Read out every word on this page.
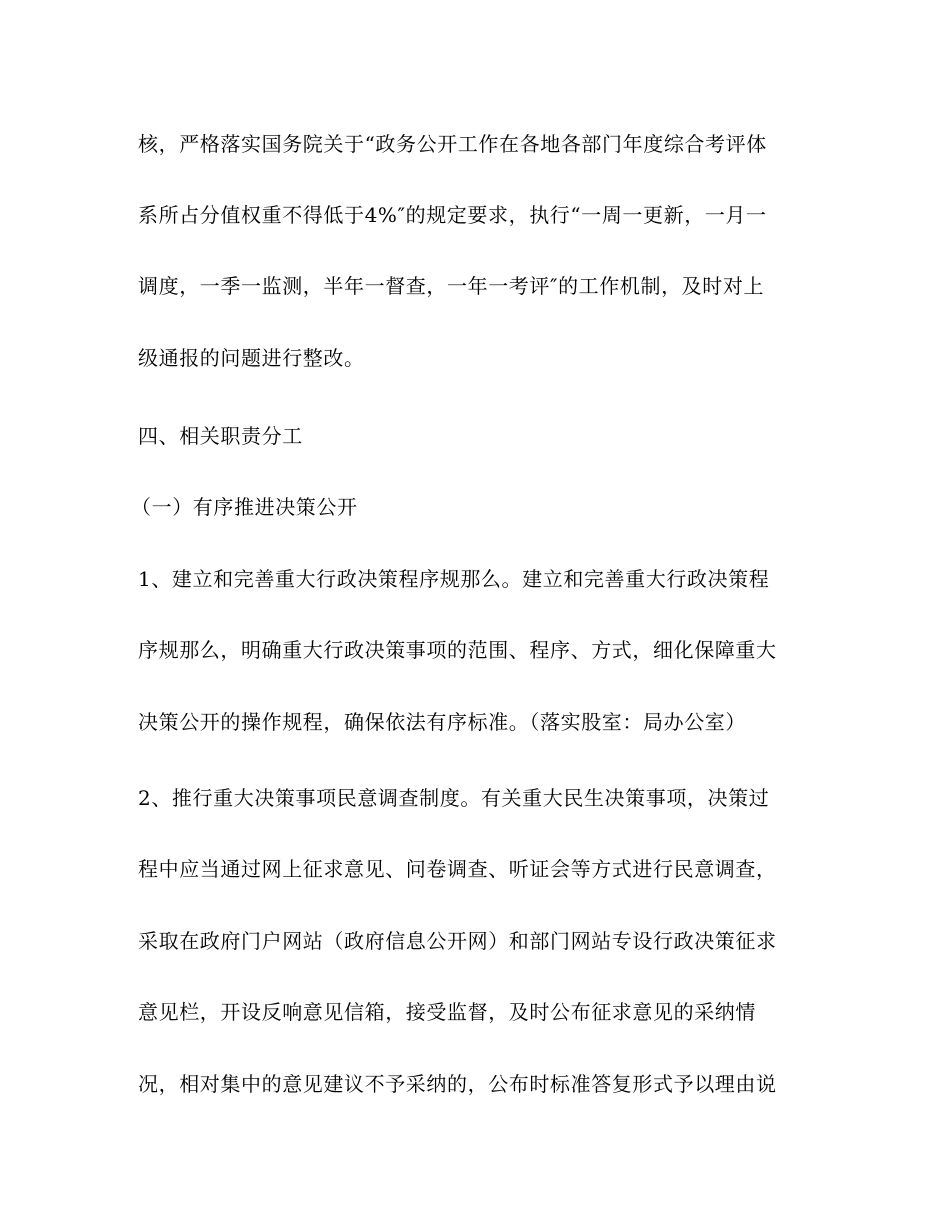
核，严格落实国务院关于“政务公开工作在各地各部门年度综合考评体
系所占分值权重不得低于4%″的规定要求，执行“一周一更新，一月一
调度，一季一监测，半年一督查，一年一考评″的工作机制，及时对上
级通报的问题进行整改。
四、相关职责分工
（一）有序推进决策公开
1、建立和完善重大行政决策程序规那么。建立和完善重大行政决策程
序规那么，明确重大行政决策事项的范围、程序、方式，细化保障重大
决策公开的操作规程，确保依法有序标准。（落实股室：局办公室）
2、推行重大决策事项民意调查制度。有关重大民生决策事项，决策过
程中应当通过网上征求意见、问卷调查、听证会等方式进行民意调查，
采取在政府门户网站（政府信息公开网）和部门网站专设行政决策征求
意见栏，开设反响意见信箱，接受监督，及时公布征求意见的采纳情
况，相对集中的意见建议不予采纳的，公布时标准答复形式予以理由说
